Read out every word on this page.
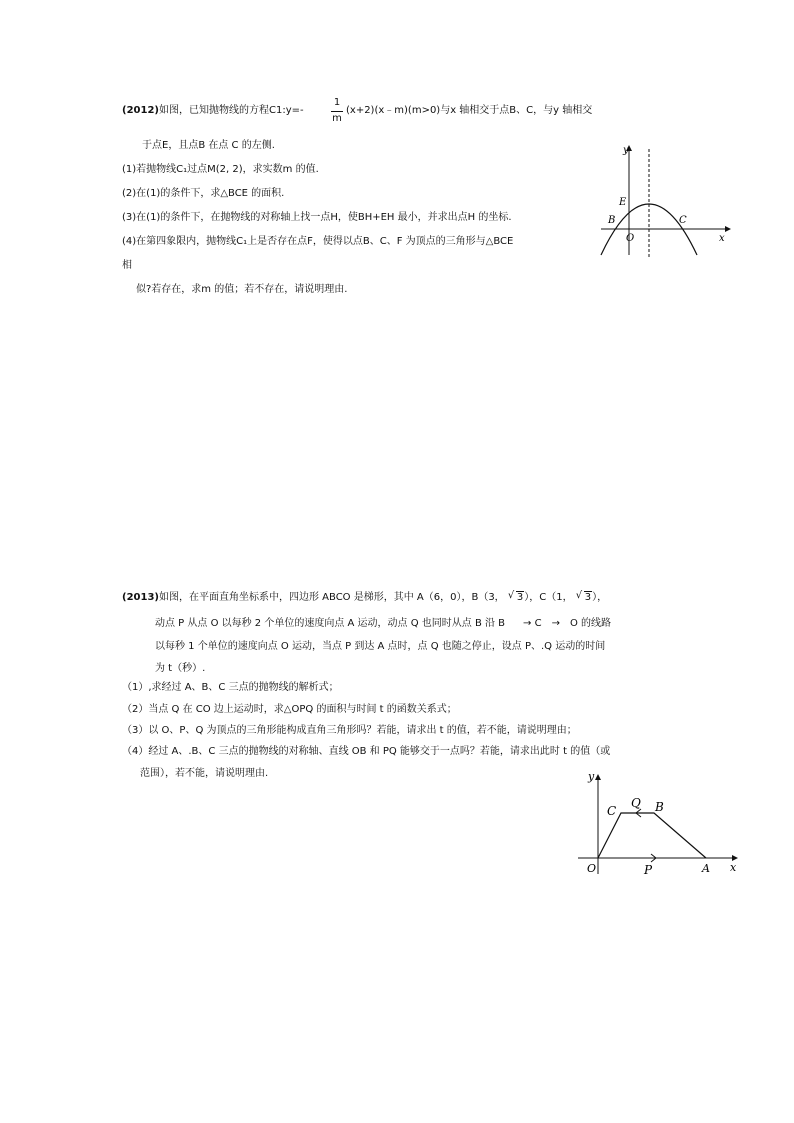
(2012)如图，已知抛物线的方程C1:y=-
1
m
(x+2)(x﹣m)(m>0)与x 轴相交于点B、C，与y 轴相交
于点E，且点B 在点 C 的左侧.
(1)若抛物线C₁过点M(2, 2)，求实数m 的值.
(2)在(1)的条件下，求△BCE 的面积.
(3)在(1)的条件下，在抛物线的对称轴上找一点H，使BH+EH 最小，并求出点H 的坐标.
(4)在第四象限内，抛物线C₁上是否存在点F，使得以点B、C、F 为顶点的三角形与△BCE
相
似?若存在，求m 的值；若不存在，请说明理由.
y
x
E
B	C
O
(2013)如图，在平面直角坐标系中，四边形 ABCO 是梯形，其中 A（6，0），B（3， √ 3），C（1， √ 3），
动点 P 从点 O 以每秒 2 个单位的速度向点 A 运动，动点 Q 也同时从点 B 沿 B → C → O 的线路
以每秒 1 个单位的速度向点 O 运动，当点 P 到达 A 点时，点 Q 也随之停止，设点 P、.Q 运动的时间
为 t（秒）.
（1）,求经过 A、B、C 三点的抛物线的解析式；
（2）当点 Q 在 CO 边上运动时，求△OPQ 的面积与时间 t 的函数关系式；
（3）以 O、P、Q 为顶点的三角形能构成直角三角形吗？若能，请求出 t 的值，若不能，请说明理由；
（4）经过 A、.B、C 三点的抛物线的对称轴、直线 OB 和 PQ 能够交于一点吗？若能，请求出此时 t 的值（或
范围），若不能，请说明理由.	y
x
O	A
B
C
Q
P
